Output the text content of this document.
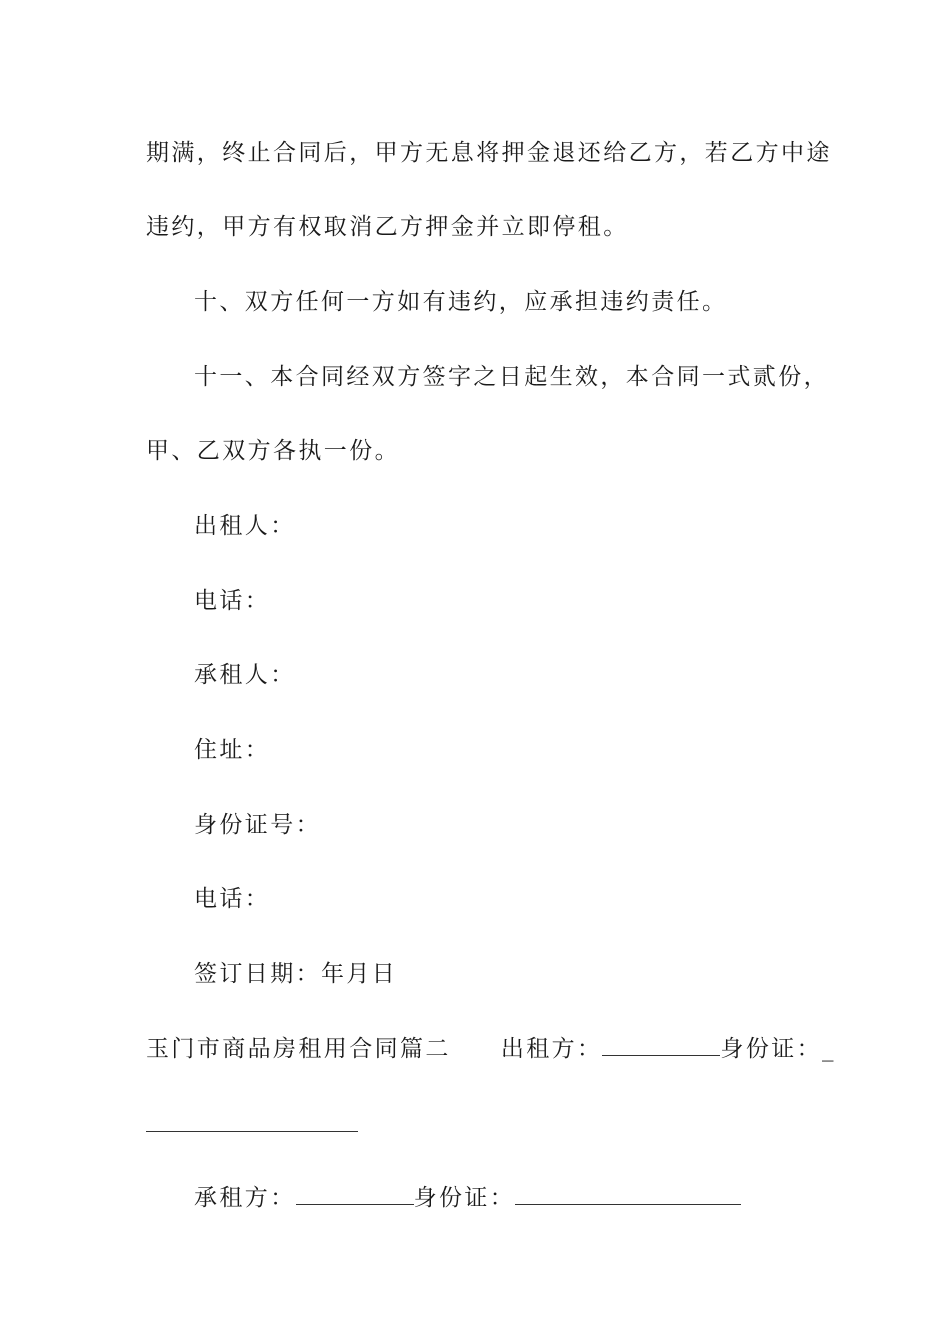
期满，终止合同后，甲方无息将押金退还给乙方，若乙方中途
违约，甲方有权取消乙方押金并立即停租。
十、双方任何一方如有违约，应承担违约责任。
十一、本合同经双方签字之日起生效，本合同一式贰份，
甲、乙双方各执一份。
出租人：
电话：
承租人：
住址：
身份证号：
电话：
签订日期：年月日
玉门市商品房租用合同篇二 出租方：	身份证：_
承租方：	身份证：
